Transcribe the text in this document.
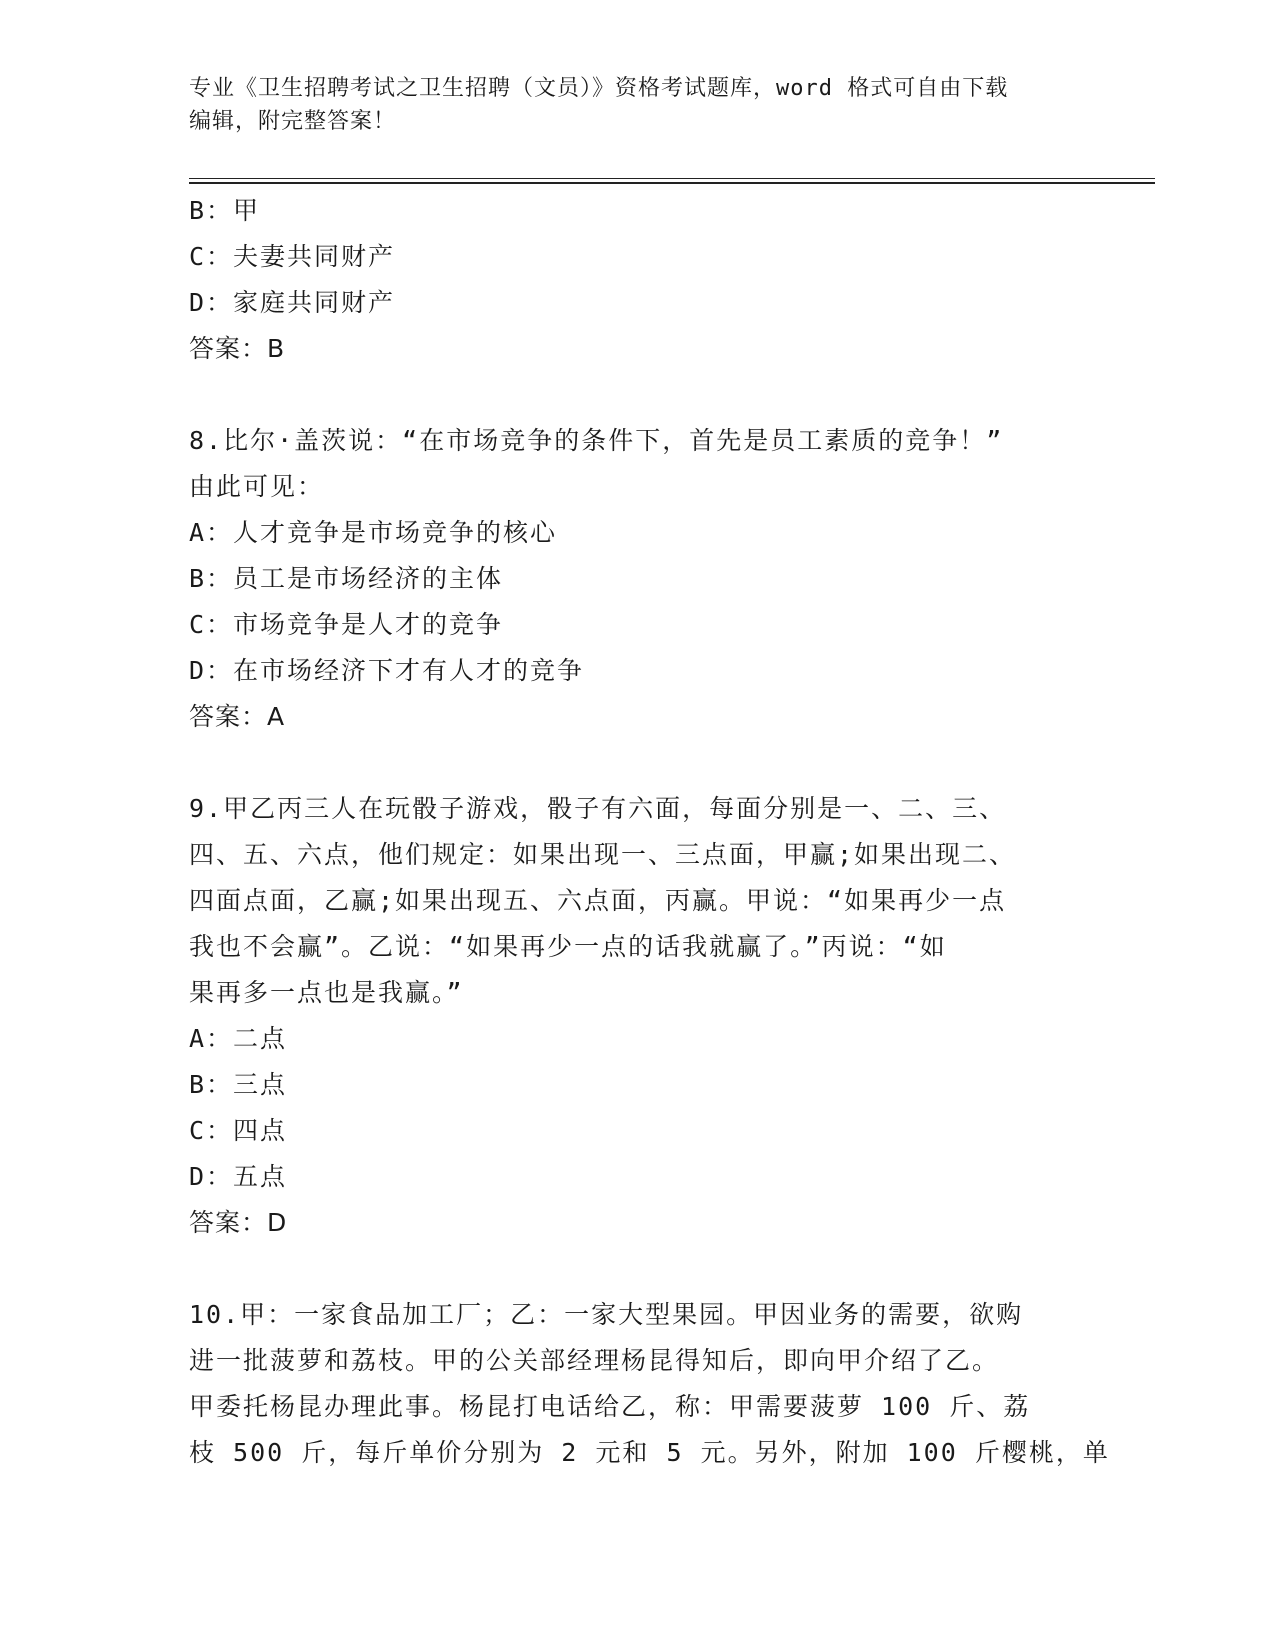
专业《卫生招聘考试之卫生招聘（文员）》资格考试题库，word 格式可自由下载
编辑，附完整答案！
B：甲
C：夫妻共同财产
D：家庭共同财产
答案：B
8.比尔·盖茨说：“在市场竞争的条件下，首先是员工素质的竞争！”
由此可见：
A：人才竞争是市场竞争的核心
B：员工是市场经济的主体
C：市场竞争是人才的竞争
D：在市场经济下才有人才的竞争
答案：A
9.甲乙丙三人在玩骰子游戏，骰子有六面，每面分别是一、二、三、
四、五、六点，他们规定：如果出现一、三点面，甲赢;如果出现二、
四面点面，乙赢;如果出现五、六点面，丙赢。甲说：“如果再少一点
我也不会赢”。乙说：“如果再少一点的话我就赢了。”丙说：“如
果再多一点也是我赢。”
A：二点
B：三点
C：四点
D：五点
答案：D
10.甲：一家食品加工厂；乙：一家大型果园。甲因业务的需要，欲购
进一批菠萝和荔枝。甲的公关部经理杨昆得知后，即向甲介绍了乙。
甲委托杨昆办理此事。杨昆打电话给乙，称：甲需要菠萝 100 斤、荔
枝 500 斤，每斤单价分别为 2 元和 5 元。另外，附加 100 斤樱桃，单
